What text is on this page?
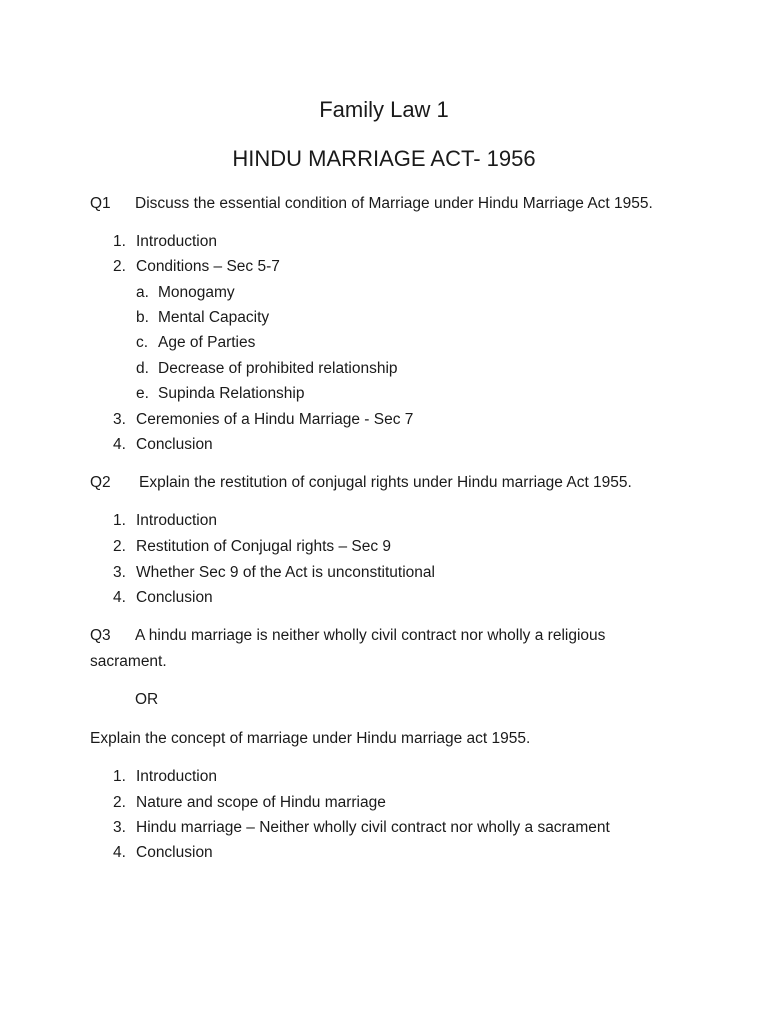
Family Law 1
HINDU MARRIAGE ACT- 1956
Q1 Discuss the essential condition of Marriage under Hindu Marriage Act 1955.
1. Introduction
2. Conditions – Sec 5-7
a. Monogamy
b. Mental Capacity
c. Age of Parties
d. Decrease of prohibited relationship
e. Supinda Relationship
3. Ceremonies of a Hindu Marriage - Sec 7
4. Conclusion
Q2 Explain the restitution of conjugal rights under Hindu marriage Act 1955.
1. Introduction
2. Restitution of Conjugal rights – Sec 9
3. Whether Sec 9 of the Act is unconstitutional
4. Conclusion
Q3 A hindu marriage is neither wholly civil contract nor wholly a religious
sacrament.
OR
Explain the concept of marriage under Hindu marriage act 1955.
1. Introduction
2. Nature and scope of Hindu marriage
3. Hindu marriage – Neither wholly civil contract nor wholly a sacrament
4. Conclusion
